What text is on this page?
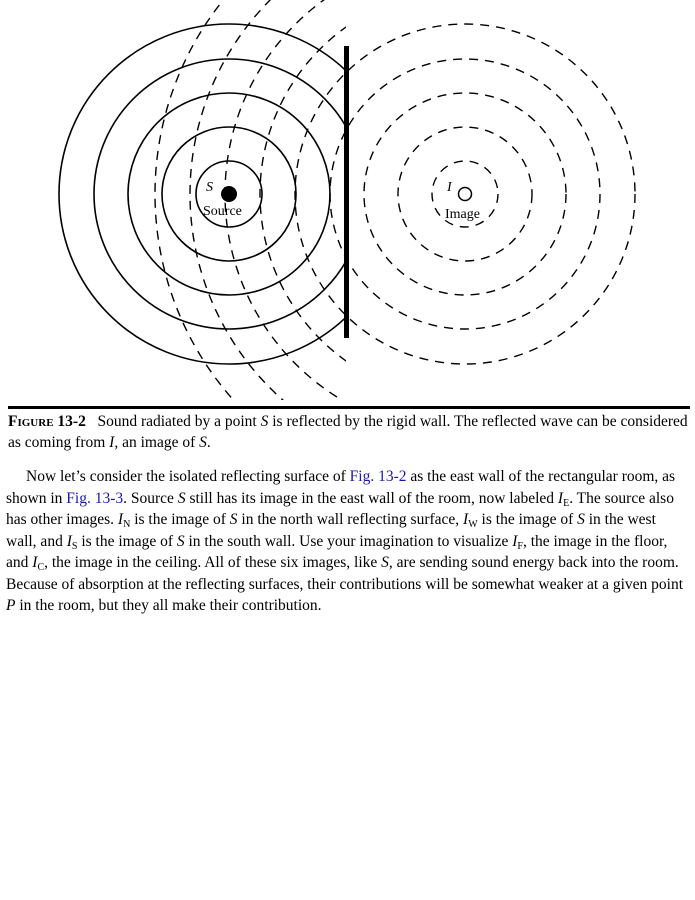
S
Source
I
Image
Figure 13-2 Sound radiated by a point S is reflected by the rigid wall. The reflected wave can be considered as coming from I, an image of S.

Now let’s consider the isolated reflecting surface of Fig. 13-2 as the east wall of the rectangular room, as shown in Fig. 13-3. Source S still has its image in the east wall of the room, now labeled $I_E$. The source also has other images. $I_N$ is the image of S in the north wall reflecting surface, $I_W$ is the image of S in the west wall, and $I_S$ is the image of S in the south wall. Use your imagination to visualize $I_F$, the image in the floor, and $I_C$, the image in the ceiling. All of these six images, like S, are sending sound energy back into the room. Because of absorption at the reflecting surfaces, their contributions will be somewhat weaker at a given point P in the room, but they all make their contribution.
